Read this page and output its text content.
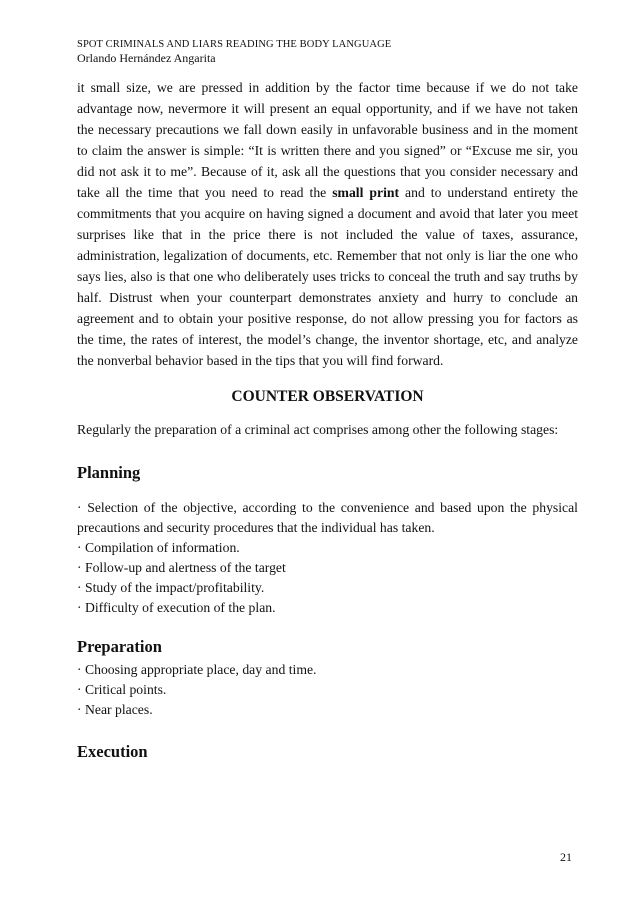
SPOT CRIMINALS AND LIARS READING THE BODY LANGUAGE
Orlando Hernández Angarita

it small size, we are pressed in addition by the factor time because if we do not take advantage now, nevermore it will present an equal opportunity, and if we have not taken the necessary precautions we fall down easily in unfavorable business and in the moment to claim the answer is simple: “It is written there and you signed” or “Excuse me sir, you did not ask it to me”. Because of it, ask all the questions that you consider necessary and take all the time that you need to read the small print and to understand entirety the commitments that you acquire on having signed a document and avoid that later you meet surprises like that in the price there is not included the value of taxes, assurance, administration, legalization of documents, etc. Remember that not only is liar the one who says lies, also is that one who deliberately uses tricks to conceal the truth and say truths by half. Distrust when your counterpart demonstrates anxiety and hurry to conclude an agreement and to obtain your positive response, do not allow pressing you for factors as the time, the rates of interest, the model’s change, the inventor shortage, etc, and analyze the nonverbal behavior based in the tips that you will find forward.

COUNTER OBSERVATION

Regularly the preparation of a criminal act comprises among other the following stages:

Planning
· Selection of the objective, according to the convenience and based upon the physical precautions and security procedures that the individual has taken.
· Compilation of information.
· Follow-up and alertness of the target
· Study of the impact/profitability.
· Difficulty of execution of the plan.
Preparation
· Choosing appropriate place, day and time.
· Critical points.
· Near places.
Execution
21
